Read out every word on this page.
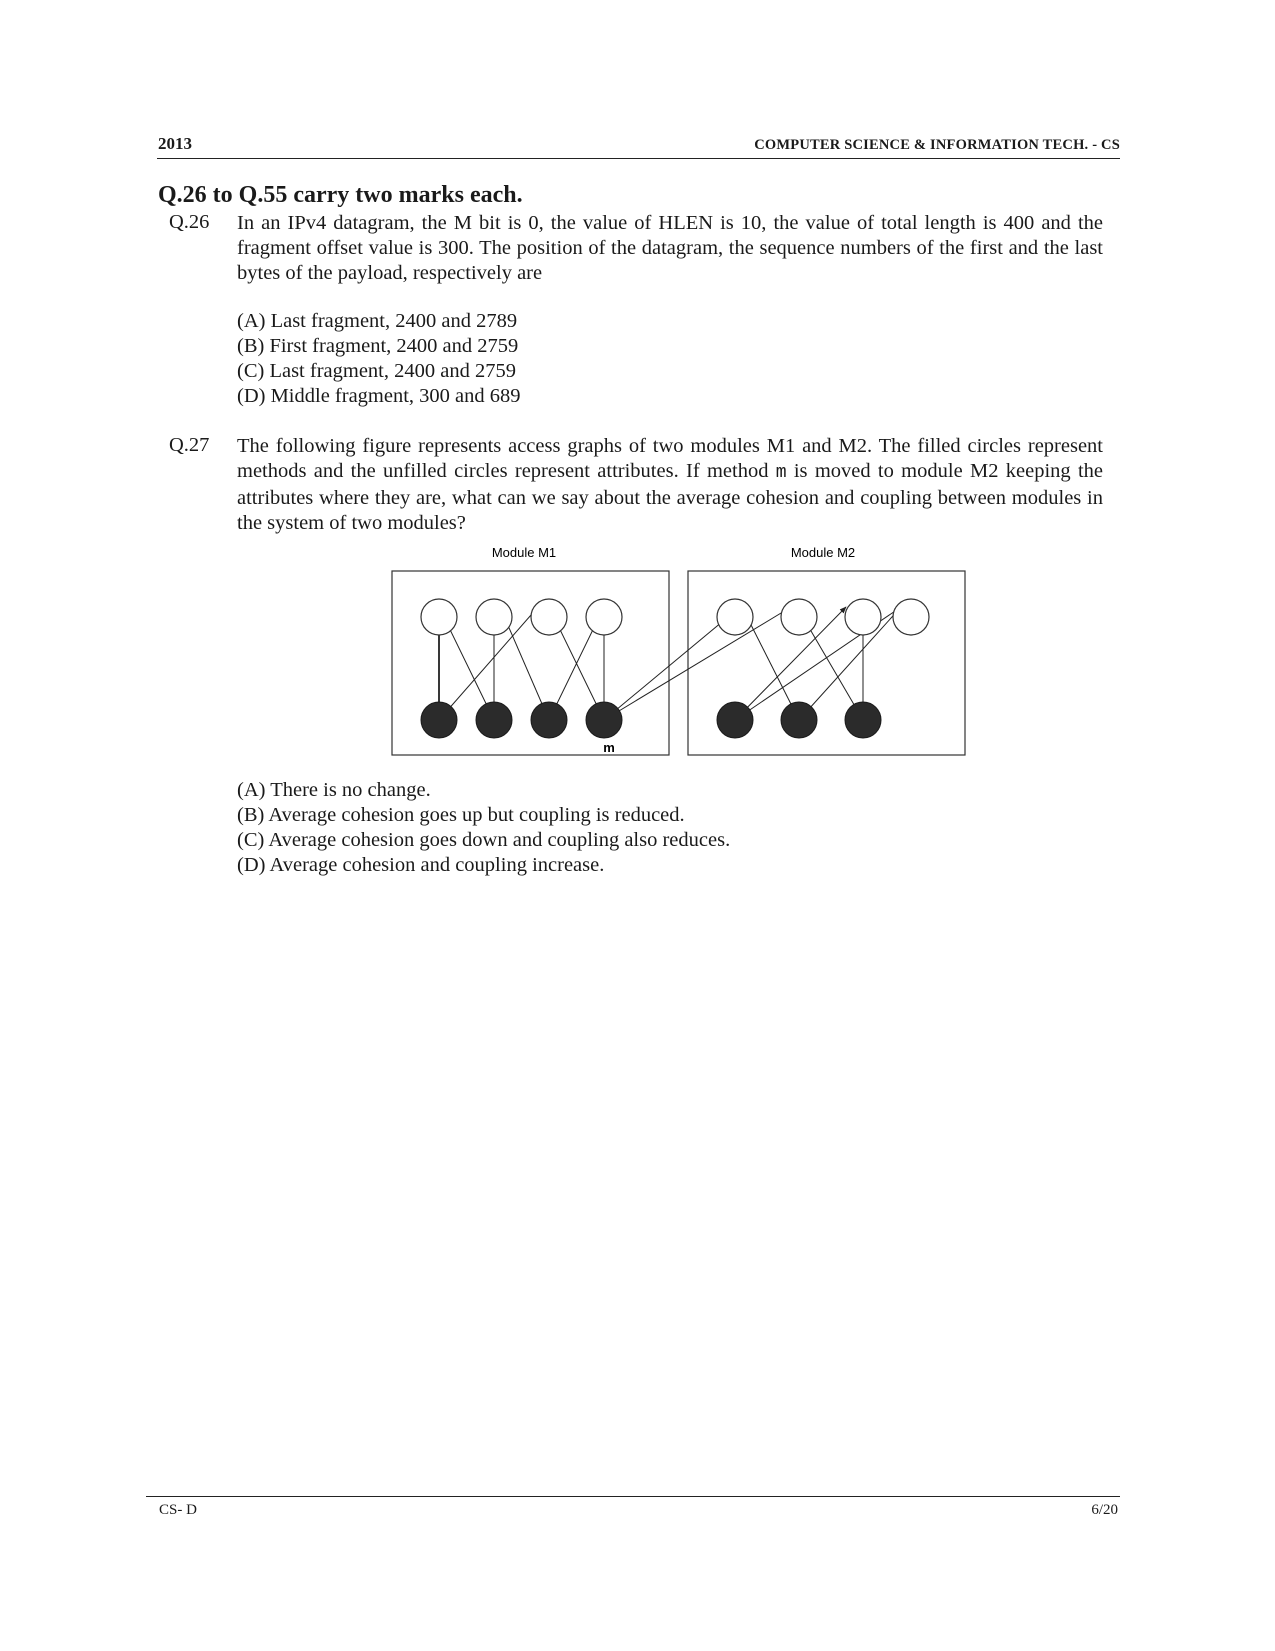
2013	COMPUTER SCIENCE & INFORMATION TECH. - CS
Q.26 to Q.55 carry two marks each.
Q.26 In an IPv4 datagram, the M bit is 0, the value of HLEN is 10, the value of total length is 400 and the fragment offset value is 300. The position of the datagram, the sequence numbers of the first and the last bytes of the payload, respectively are
(A) Last fragment, 2400 and 2789
(B) First fragment, 2400 and 2759
(C) Last fragment, 2400 and 2759
(D) Middle fragment, 300 and 689
Q.27 The following figure represents access graphs of two modules M1 and M2. The filled circles represent methods and the unfilled circles represent attributes. If method m is moved to module M2 keeping the attributes where they are, what can we say about the average cohesion and coupling between modules in the system of two modules?
Module M1	Module M2
m
(A) There is no change.
(B) Average cohesion goes up but coupling is reduced.
(C) Average cohesion goes down and coupling also reduces.
(D) Average cohesion and coupling increase.
CS- D	6/20
